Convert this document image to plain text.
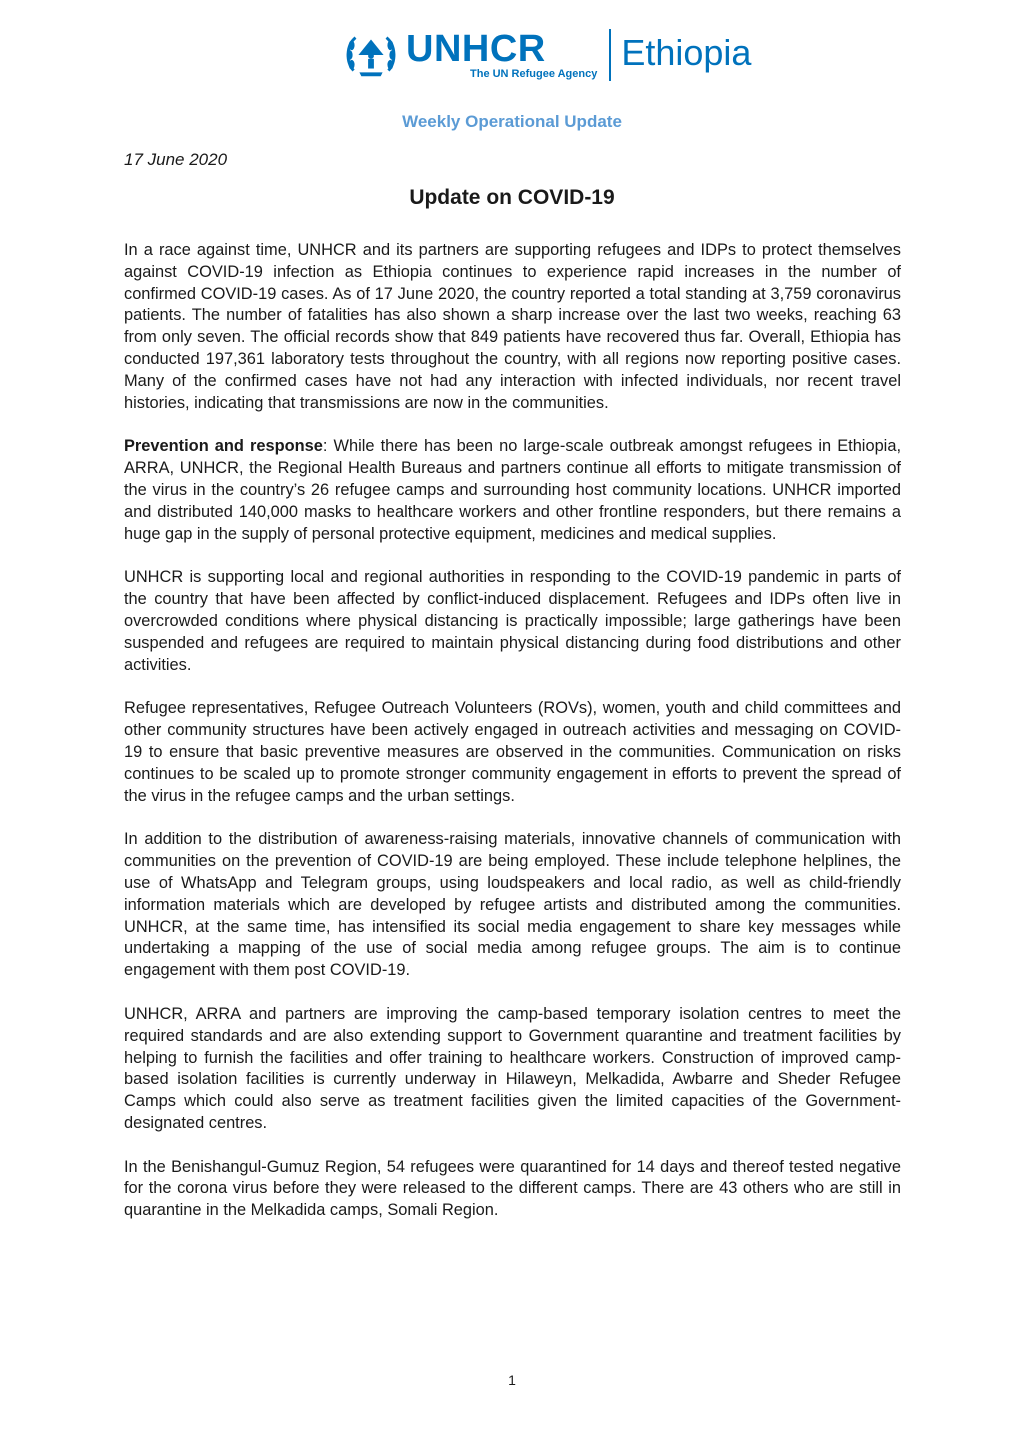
UNHCR
The UN Refugee Agency
Ethiopia
Weekly Operational Update
17 June 2020
Update on COVID-19

In a race against time, UNHCR and its partners are supporting refugees and IDPs to protect themselves against COVID-19 infection as Ethiopia continues to experience rapid increases in the number of confirmed COVID-19 cases. As of 17 June 2020, the country reported a total standing at 3,759 coronavirus patients. The number of fatalities has also shown a sharp increase over the last two weeks, reaching 63 from only seven. The official records show that 849 patients have recovered thus far. Overall, Ethiopia has conducted 197,361 laboratory tests throughout the country, with all regions now reporting positive cases. Many of the confirmed cases have not had any interaction with infected individuals, nor recent travel histories, indicating that transmissions are now in the communities.

Prevention and response: While there has been no large-scale outbreak amongst refugees in Ethiopia, ARRA, UNHCR, the Regional Health Bureaus and partners continue all efforts to mitigate transmission of the virus in the country’s 26 refugee camps and surrounding host community locations. UNHCR imported and distributed 140,000 masks to healthcare workers and other frontline responders, but there remains a huge gap in the supply of personal protective equipment, medicines and medical supplies.

UNHCR is supporting local and regional authorities in responding to the COVID-19 pandemic in parts of the country that have been affected by conflict-induced displacement. Refugees and IDPs often live in overcrowded conditions where physical distancing is practically impossible; large gatherings have been suspended and refugees are required to maintain physical distancing during food distributions and other activities.

Refugee representatives, Refugee Outreach Volunteers (ROVs), women, youth and child committees and other community structures have been actively engaged in outreach activities and messaging on COVID-19 to ensure that basic preventive measures are observed in the communities. Communication on risks continues to be scaled up to promote stronger community engagement in efforts to prevent the spread of the virus in the refugee camps and the urban settings.

In addition to the distribution of awareness-raising materials, innovative channels of communication with communities on the prevention of COVID-19 are being employed. These include telephone helplines, the use of WhatsApp and Telegram groups, using loudspeakers and local radio, as well as child-friendly information materials which are developed by refugee artists and distributed among the communities. UNHCR, at the same time, has intensified its social media engagement to share key messages while undertaking a mapping of the use of social media among refugee groups. The aim is to continue engagement with them post COVID-19.

UNHCR, ARRA and partners are improving the camp-based temporary isolation centres to meet the required standards and are also extending support to Government quarantine and treatment facilities by helping to furnish the facilities and offer training to healthcare workers. Construction of improved camp-based isolation facilities is currently underway in Hilaweyn, Melkadida, Awbarre and Sheder Refugee Camps which could also serve as treatment facilities given the limited capacities of the Government-designated centres.

In the Benishangul-Gumuz Region, 54 refugees were quarantined for 14 days and thereof tested negative for the corona virus before they were released to the different camps. There are 43 others who are still in quarantine in the Melkadida camps, Somali Region.

1
